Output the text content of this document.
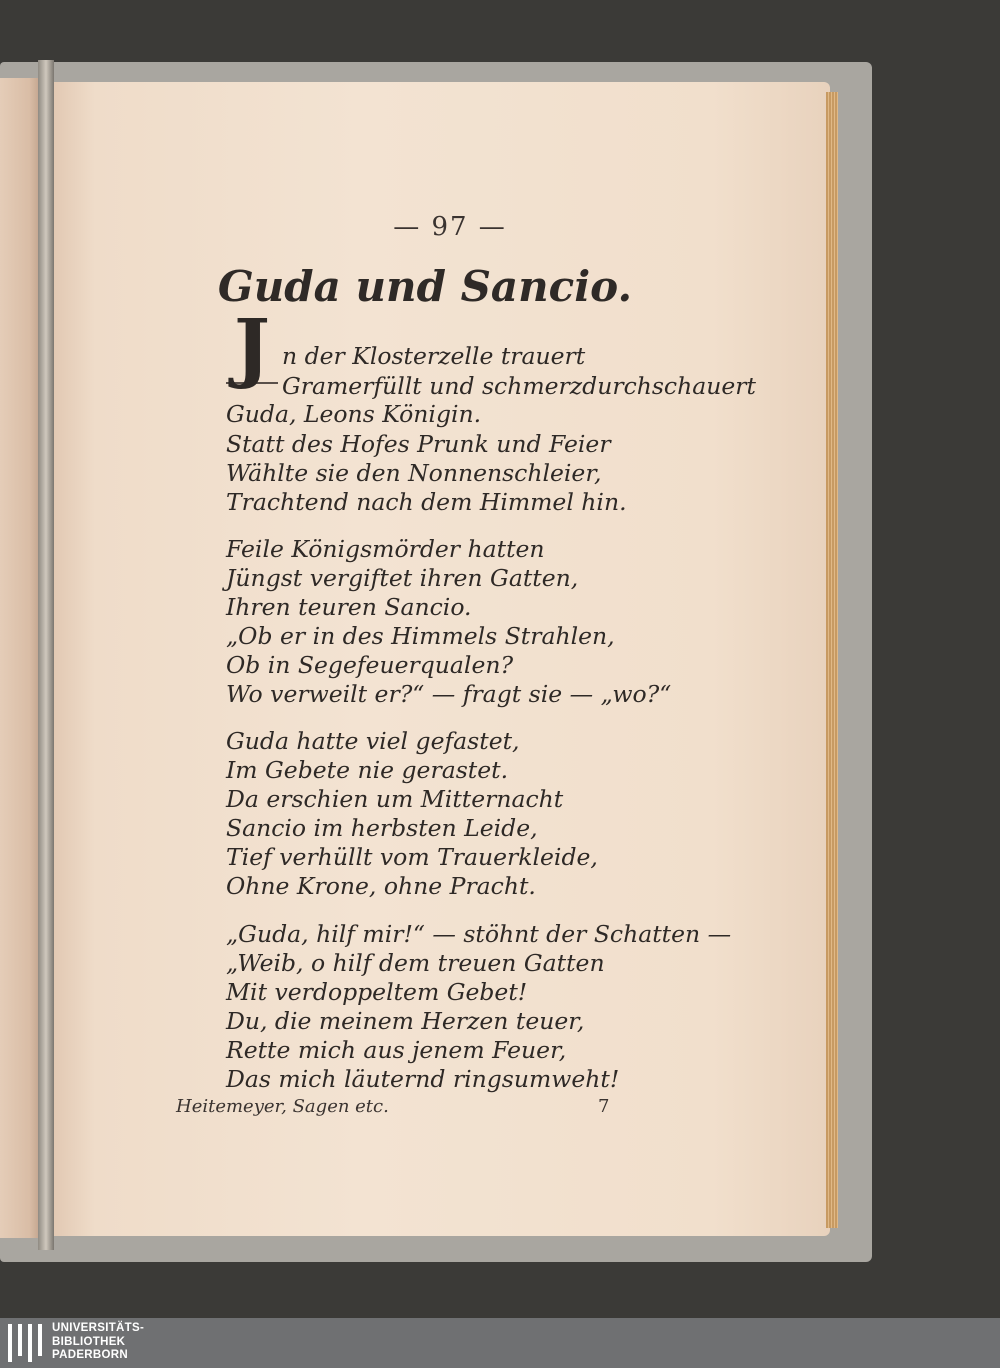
— 97 —
Guda und Sancio.
J n der Klosterzelle trauert
Gramerfüllt und schmerzdurchschauert
Guda, Leons Königin.
Statt des Hofes Prunk und Feier
Wählte sie den Nonnenschleier,
Trachtend nach dem Himmel hin.
Feile Königsmörder hatten
Jüngst vergiftet ihren Gatten,
Ihren teuren Sancio.
„Ob er in des Himmels Strahlen,
Ob in Segefeuerqualen?
Wo verweilt er?“ — fragt sie — „wo?“
Guda hatte viel gefastet,
Im Gebete nie gerastet.
Da erschien um Mitternacht
Sancio im herbsten Leide,
Tief verhüllt vom Trauerkleide,
Ohne Krone, ohne Pracht.
„Guda, hilf mir!“ — stöhnt der Schatten —
„Weib, o hilf dem treuen Gatten
Mit verdoppeltem Gebet!
Du, die meinem Herzen teuer,
Rette mich aus jenem Feuer,
Das mich läuternd ringsumweht!
Heitemeyer, Sagen etc.	7
UNIVERSITÄTS-
BIBLIOTHEK
PADERBORN
